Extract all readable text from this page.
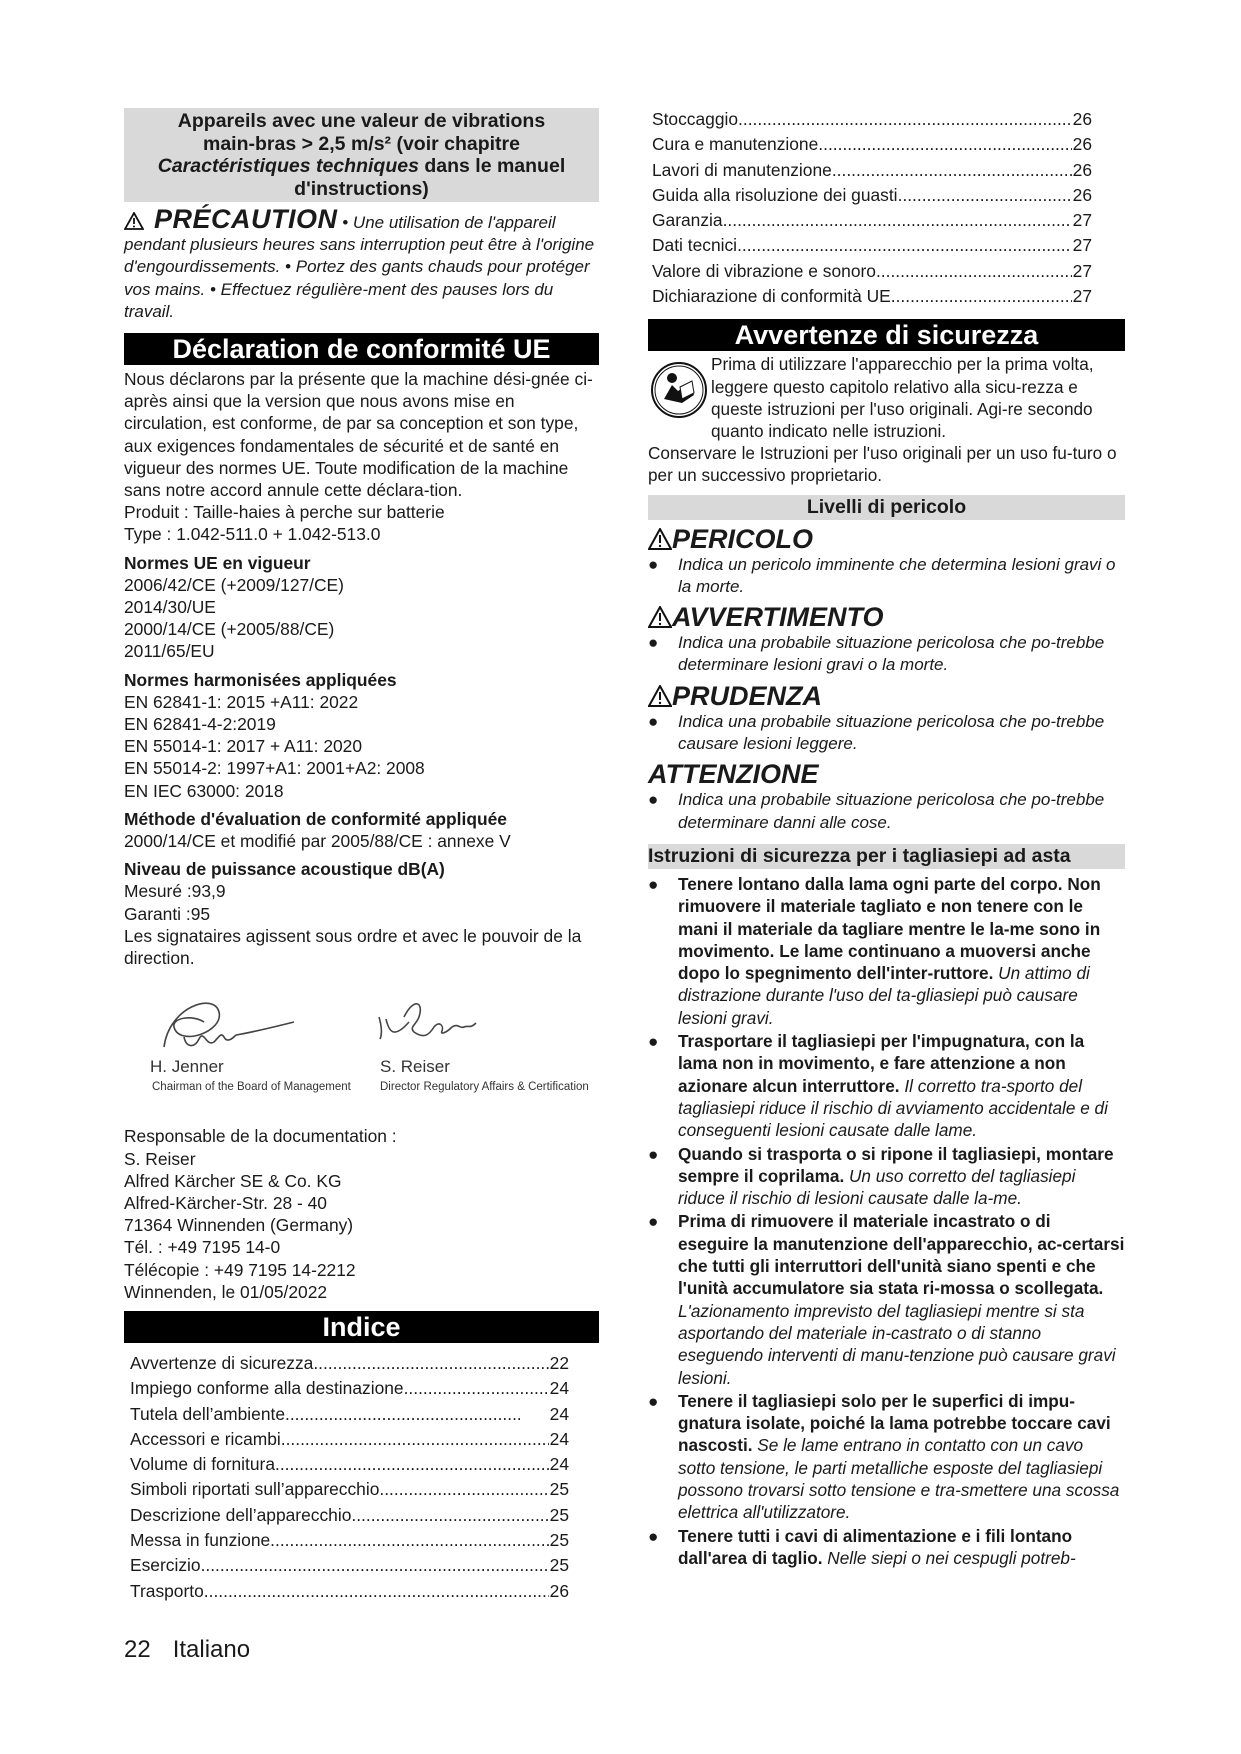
Appareils avec une valeur de vibrations
main-bras > 2,5 m/s² (voir chapitre
Caractéristiques techniques dans le manuel
d'instructions)

PRÉCAUTION • Une utilisation de l'appareil pendant plusieurs heures sans interruption peut être à l'origine d'engourdissements. • Portez des gants chauds pour protéger vos mains. • Effectuez régulière-ment des pauses lors du travail.

Déclaration de conformité UE

Nous déclarons par la présente que la machine dési-gnée ci-après ainsi que la version que nous avons mise en circulation, est conforme, de par sa conception et son type, aux exigences fondamentales de sécurité et de santé en vigueur des normes UE. Toute modification de la machine sans notre accord annule cette déclara-tion.

Produit : Taille-haies à perche sur batterie

Type : 1.042-511.0 + 1.042-513.0

Normes UE en vigueur

2006/42/CE (+2009/127/CE)

2014/30/UE

2000/14/CE (+2005/88/CE)

2011/65/EU

Normes harmonisées appliquées

EN 62841-1: 2015 +A11: 2022

EN 62841-4-2:2019

EN 55014-1: 2017 + A11: 2020

EN 55014-2: 1997+A1: 2001+A2: 2008

EN IEC 63000: 2018

Méthode d'évaluation de conformité appliquée

2000/14/CE et modifié par 2005/88/CE : annexe V

Niveau de puissance acoustique dB(A)

Mesuré :93,9

Garanti :95

Les signataires agissent sous ordre et avec le pouvoir de la direction.

H. Jenner
Chairman of the Board of Management
S. Reiser
Director Regulatory Affairs & Certification

Responsable de la documentation :

S. Reiser

Alfred Kärcher SE & Co. KG

Alfred-Kärcher-Str. 28 - 40

71364 Winnenden (Germany)

Tél. : +49 7195 14-0

Télécopie : +49 7195 14-2212

Winnenden, le 01/05/2022

Indice
Avvertenze di sicurezza .....	22
Impiego conforme alla destinazione .....	24
Tutela dell’ambiente .....	24
Accessori e ricambi .....	24
Volume di fornitura .....	24
Simboli riportati sull’apparecchio .....	25
Descrizione dell’apparecchio .....	25
Messa in funzione .....	25
Esercizio .....	25
Trasporto .....	26
Stoccaggio .....	26
Cura e manutenzione .....	26
Lavori di manutenzione .....	26
Guida alla risoluzione dei guasti .....	26
Garanzia .....	27
Dati tecnici .....	27
Valore di vibrazione e sonoro .....	27
Dichiarazione di conformità UE .....	27
Avvertenze di sicurezza

Prima di utilizzare l'apparecchio per la prima volta, leggere questo capitolo relativo alla sicu-rezza e queste istruzioni per l'uso originali. Agi-re secondo quanto indicato nelle istruzioni.

Conservare le Istruzioni per l'uso originali per un uso fu-turo o per un successivo proprietario.

Livelli di pericolo
PERICOLO
● Indica un pericolo imminente che determina lesioni gravi o la morte.
AVVERTIMENTO
● Indica una probabile situazione pericolosa che po-trebbe determinare lesioni gravi o la morte.
PRUDENZA
● Indica una probabile situazione pericolosa che po-trebbe causare lesioni leggere.
ATTENZIONE
● Indica una probabile situazione pericolosa che po-trebbe determinare danni alle cose.
Istruzioni di sicurezza per i tagliasiepi ad asta
● Tenere lontano dalla lama ogni parte del corpo. Non rimuovere il materiale tagliato e non tenere con le mani il materiale da tagliare mentre le la-me sono in movimento. Le lame continuano a muoversi anche dopo lo spegnimento dell'inter-ruttore. Un attimo di distrazione durante l'uso del ta-gliasiepi può causare lesioni gravi.
● Trasportare il tagliasiepi per l'impugnatura, con la lama non in movimento, e fare attenzione a non azionare alcun interruttore. Il corretto tra-sporto del tagliasiepi riduce il rischio di avviamento accidentale e di conseguenti lesioni causate dalle lame.
● Quando si trasporta o si ripone il tagliasiepi, montare sempre il coprilama. Un uso corretto del tagliasiepi riduce il rischio di lesioni causate dalle la-me.
● Prima di rimuovere il materiale incastrato o di eseguire la manutenzione dell'apparecchio, ac-certarsi che tutti gli interruttori dell'unità siano spenti e che l'unità accumulatore sia stata ri-mossa o scollegata. L'azionamento imprevisto del tagliasiepi mentre si sta asportando del materiale in-castrato o di stanno eseguendo interventi di manu-tenzione può causare gravi lesioni.
● Tenere il tagliasiepi solo per le superfici di impu-gnatura isolate, poiché la lama potrebbe toccare cavi nascosti. Se le lame entrano in contatto con un cavo sotto tensione, le parti metalliche esposte del tagliasiepi possono trovarsi sotto tensione e tra-smettere una scossa elettrica all'utilizzatore.
● Tenere tutti i cavi di alimentazione e i fili lontano dall'area di taglio. Nelle siepi o nei cespugli potreb-
22 Italiano
